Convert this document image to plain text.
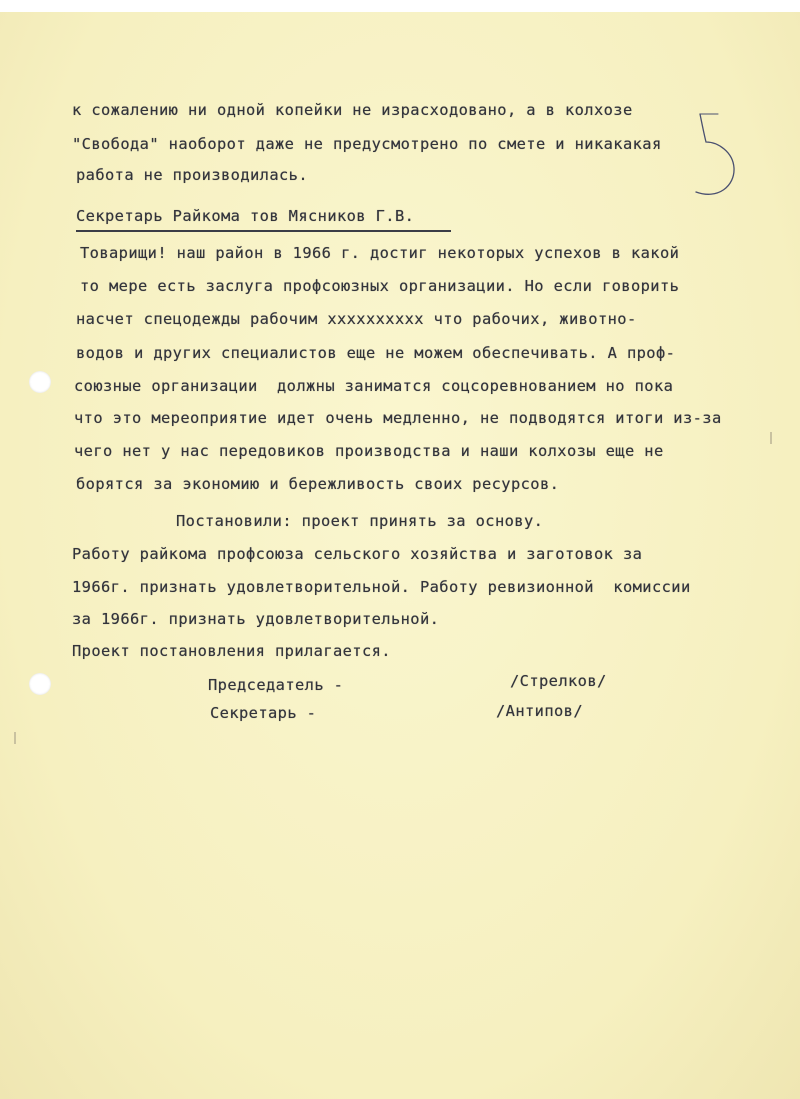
к сожалению ни одной копейки не израсходовано, а в колхозе
"Свобода" наоборот даже не предусмотрено по смете и никакакая
работа не производилась.
Секретарь Райкома тов Мясников Г.В.
Товарищи! наш район в 1966 г. достиг некоторых успехов в какой
то мере есть заслуга профсоюзных организации. Но если говорить
насчет спецодежды рабочим хххххххххх что рабочих, животно-
водов и других специалистов еще не можем обеспечивать. А проф-
союзные организации  должны заниматся соцсоревнованием но пока
что это мереоприятие идет очень медленно, не подводятся итоги из-за
чего нет у нас передовиков производства и наши колхозы еще не
борятся за экономию и бережливость своих ресурсов.
Постановили: проект принять за основу.
Работу райкома профсоюза сельского хозяйства и заготовок за
1966г. признать удовлетворительной. Работу ревизионной  комиссии
за 1966г. признать удовлетворительной.
Проект постановления прилагается.
Председатель -	/Стрелков/
Секретарь -	/Антипов/
